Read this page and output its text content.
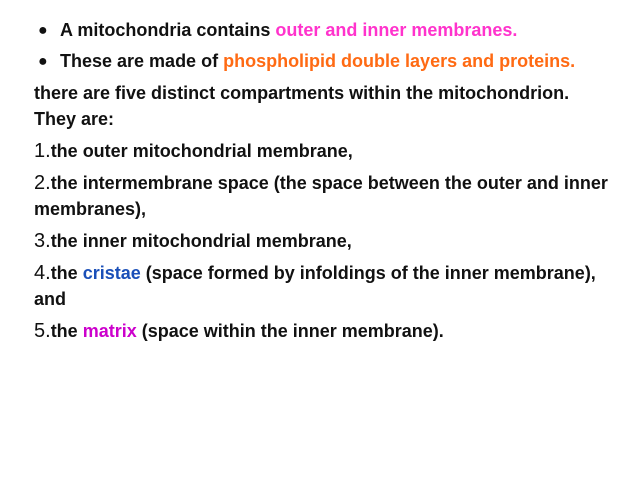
● A mitochondria contains outer and inner membranes.
● These are made of phospholipid double layers and proteins.

there are five distinct compartments within the mitochondrion. They are:

1.the outer mitochondrial membrane,

2.the intermembrane space (the space between the outer and inner membranes),

3.the inner mitochondrial membrane,

4.the cristae (space formed by infoldings of the inner membrane), and

5.the matrix (space within the inner membrane).
